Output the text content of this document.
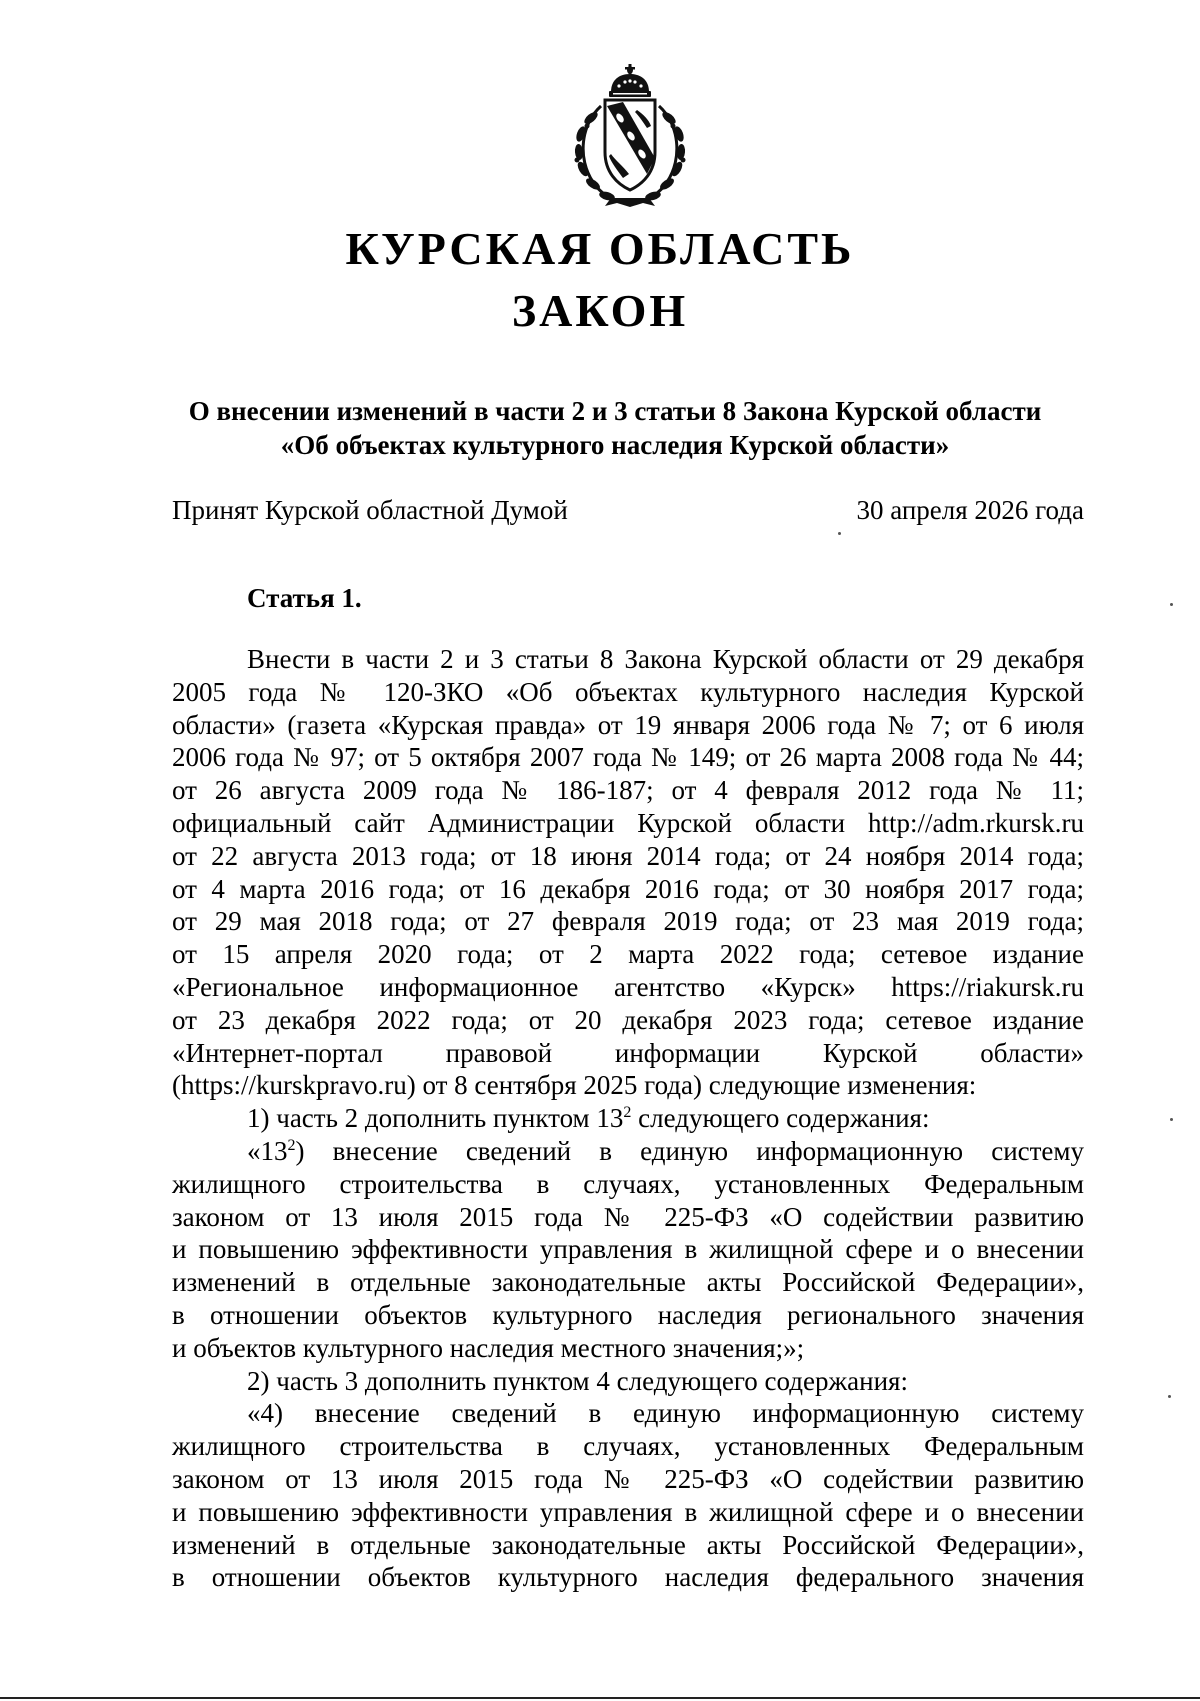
КУРСКАЯ ОБЛАСТЬ
ЗАКОН
О внесении изменений в части 2 и 3 статьи 8 Закона Курской области
«Об объектах культурного наследия Курской области»
Принят Курской областной Думой	30 апреля 2026 года
Статья 1.
Внести в части 2 и 3 статьи 8 Закона Курской области от 29 декабря
2005 года № 120-ЗКО «Об объектах культурного наследия Курской
области» (газета «Курская правда» от 19 января 2006 года № 7; от 6 июля
2006 года № 97; от 5 октября 2007 года № 149; от 26 марта 2008 года № 44;
от 26 августа 2009 года № 186-187; от 4 февраля 2012 года № 11;
официальный сайт Администрации Курской области http://adm.rkursk.ru
от 22 августа 2013 года; от 18 июня 2014 года; от 24 ноября 2014 года;
от 4 марта 2016 года; от 16 декабря 2016 года; от 30 ноября 2017 года;
от 29 мая 2018 года; от 27 февраля 2019 года; от 23 мая 2019 года;
от 15 апреля 2020 года; от 2 марта 2022 года; сетевое издание
«Региональное информационное агентство «Курск» https://riakursk.ru
от 23 декабря 2022 года; от 20 декабря 2023 года; сетевое издание
«Интернет-портал правовой информации Курской области»
(https://kurskpravo.ru) от 8 сентября 2025 года) следующие изменения:
1) часть 2 дополнить пунктом $13^2$ следующего содержания:
«$13^2$) внесение сведений в единую информационную систему
жилищного строительства в случаях, установленных Федеральным
законом от 13 июля 2015 года № 225-ФЗ «О содействии развитию
и повышению эффективности управления в жилищной сфере и о внесении
изменений в отдельные законодательные акты Российской Федерации»,
в отношении объектов культурного наследия регионального значения
и объектов культурного наследия местного значения;»;
2) часть 3 дополнить пунктом 4 следующего содержания:
«4) внесение сведений в единую информационную систему
жилищного строительства в случаях, установленных Федеральным
законом от 13 июля 2015 года № 225-ФЗ «О содействии развитию
и повышению эффективности управления в жилищной сфере и о внесении
изменений в отдельные законодательные акты Российской Федерации»,
в отношении объектов культурного наследия федерального значения
